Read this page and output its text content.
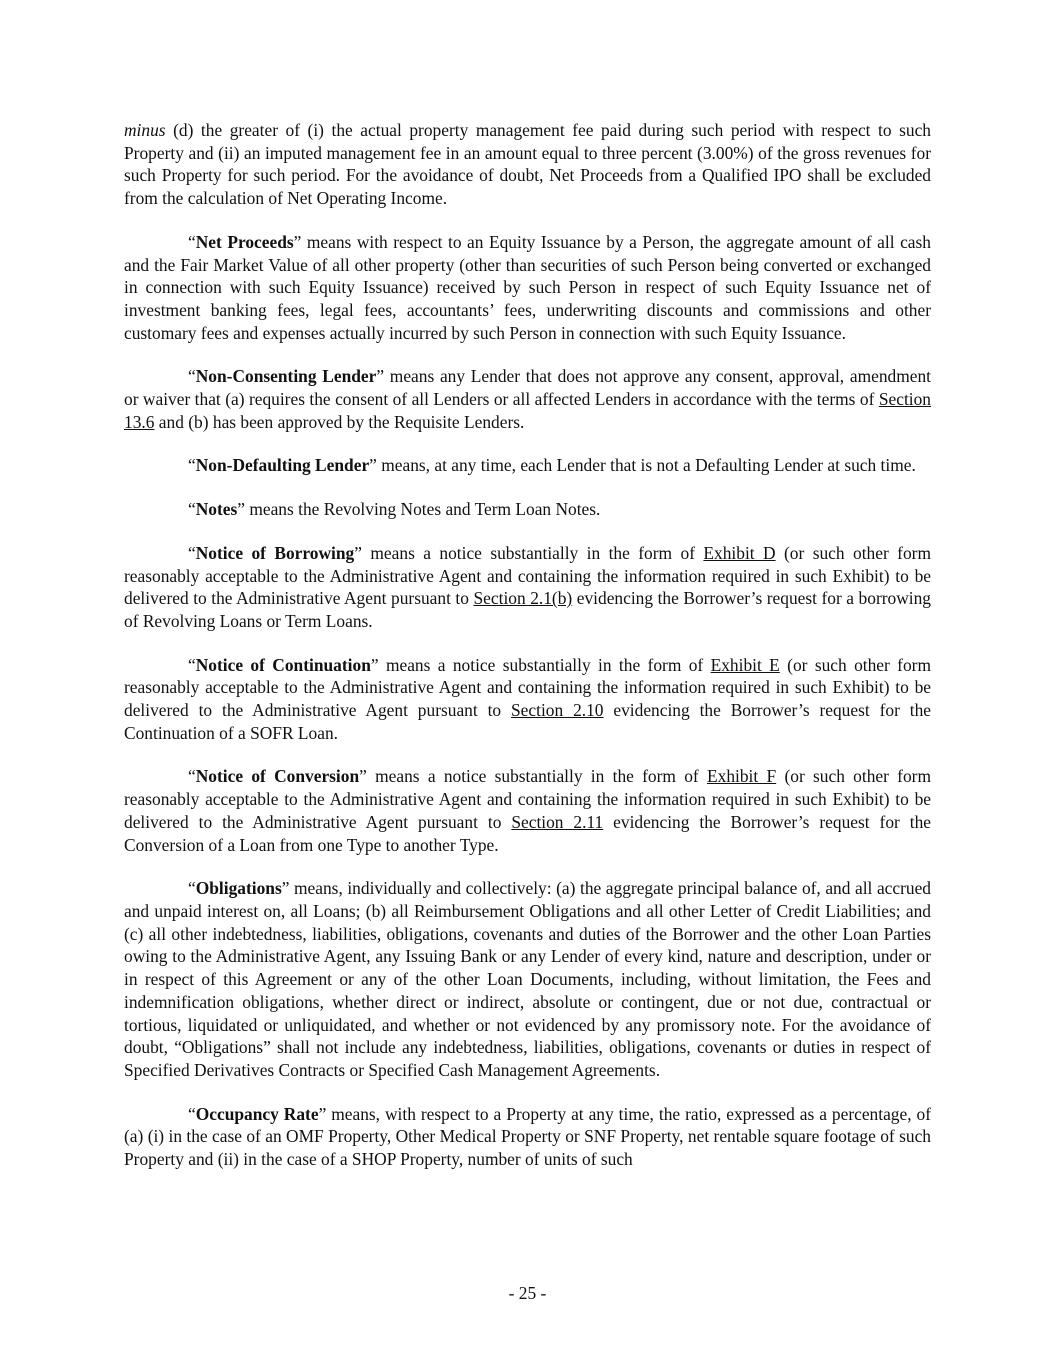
minus (d) the greater of (i) the actual property management fee paid during such period with respect to such Property and (ii) an imputed management fee in an amount equal to three percent (3.00%) of the gross revenues for such Property for such period. For the avoidance of doubt, Net Proceeds from a Qualified IPO shall be excluded from the calculation of Net Operating Income.

“Net Proceeds” means with respect to an Equity Issuance by a Person, the aggregate amount of all cash and the Fair Market Value of all other property (other than securities of such Person being converted or exchanged in connection with such Equity Issuance) received by such Person in respect of such Equity Issuance net of investment banking fees, legal fees, accountants’ fees, underwriting discounts and commissions and other customary fees and expenses actually incurred by such Person in connection with such Equity Issuance.

“Non-Consenting Lender” means any Lender that does not approve any consent, approval, amendment or waiver that (a) requires the consent of all Lenders or all affected Lenders in accordance with the terms of Section 13.6 and (b) has been approved by the Requisite Lenders.

“Non-Defaulting Lender” means, at any time, each Lender that is not a Defaulting Lender at such time.

“Notes” means the Revolving Notes and Term Loan Notes.

“Notice of Borrowing” means a notice substantially in the form of Exhibit D (or such other form reasonably acceptable to the Administrative Agent and containing the information required in such Exhibit) to be delivered to the Administrative Agent pursuant to Section 2.1(b) evidencing the Borrower’s request for a borrowing of Revolving Loans or Term Loans.

“Notice of Continuation” means a notice substantially in the form of Exhibit E (or such other form reasonably acceptable to the Administrative Agent and containing the information required in such Exhibit) to be delivered to the Administrative Agent pursuant to Section 2.10 evidencing the Borrower’s request for the Continuation of a SOFR Loan.

“Notice of Conversion” means a notice substantially in the form of Exhibit F (or such other form reasonably acceptable to the Administrative Agent and containing the information required in such Exhibit) to be delivered to the Administrative Agent pursuant to Section 2.11 evidencing the Borrower’s request for the Conversion of a Loan from one Type to another Type.

“Obligations” means, individually and collectively: (a) the aggregate principal balance of, and all accrued and unpaid interest on, all Loans; (b) all Reimbursement Obligations and all other Letter of Credit Liabilities; and (c) all other indebtedness, liabilities, obligations, covenants and duties of the Borrower and the other Loan Parties owing to the Administrative Agent, any Issuing Bank or any Lender of every kind, nature and description, under or in respect of this Agreement or any of the other Loan Documents, including, without limitation, the Fees and indemnification obligations, whether direct or indirect, absolute or contingent, due or not due, contractual or tortious, liquidated or unliquidated, and whether or not evidenced by any promissory note. For the avoidance of doubt, “Obligations” shall not include any indebtedness, liabilities, obligations, covenants or duties in respect of Specified Derivatives Contracts or Specified Cash Management Agreements.

“Occupancy Rate” means, with respect to a Property at any time, the ratio, expressed as a percentage, of (a) (i) in the case of an OMF Property, Other Medical Property or SNF Property, net rentable square footage of such Property and (ii) in the case of a SHOP Property, number of units of such

- 25 -
